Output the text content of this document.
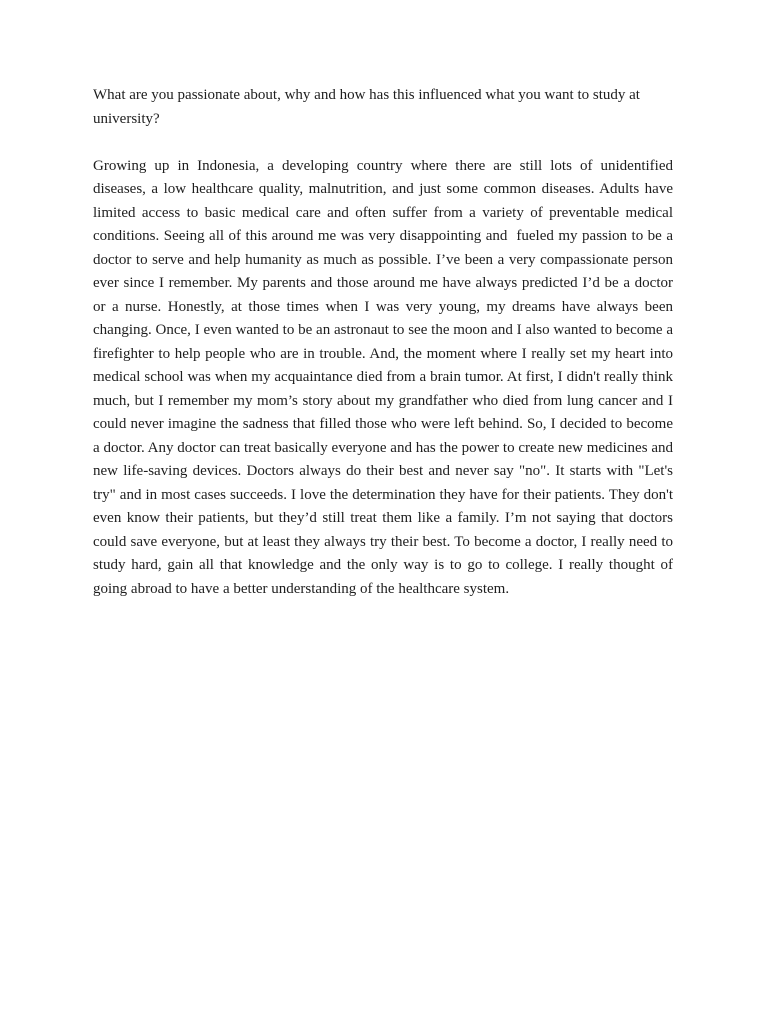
What are you passionate about, why and how has this influenced what you want to study at university?

Growing up in Indonesia, a developing country where there are still lots of unidentified diseases, a low healthcare quality, malnutrition, and just some common diseases. Adults have limited access to basic medical care and often suffer from a variety of preventable medical conditions. Seeing all of this around me was very disappointing and  fueled my passion to be a  doctor to serve and help humanity as much as possible. I’ve been a very compassionate person ever since I remember. My parents and those around me have always predicted I’d be a doctor or a nurse. Honestly, at those times when I was very young, my dreams have always been changing. Once, I even wanted to be an astronaut to see the moon and I also wanted to become a firefighter to help people who are in trouble. And, the moment where I really set my heart into medical school was when my acquaintance died from a brain tumor. At first, I didn't really think much, but I remember my mom’s story about my grandfather who died from lung cancer and I could never imagine the sadness that filled those who were left behind. So, I decided to become a doctor. Any doctor can treat basically everyone and has the power to create new medicines and new life-saving devices. Doctors always do their best and never say "no". It starts with "Let's try" and in most cases succeeds. I love the determination they have for their patients. They don't even know their patients, but they’d still treat them like a family. I’m not saying that doctors could save everyone, but at least they always try their best. To become a doctor, I really need to study hard, gain all that knowledge and the only way is to go to college. I really thought of going abroad to have a better understanding of the healthcare system.
